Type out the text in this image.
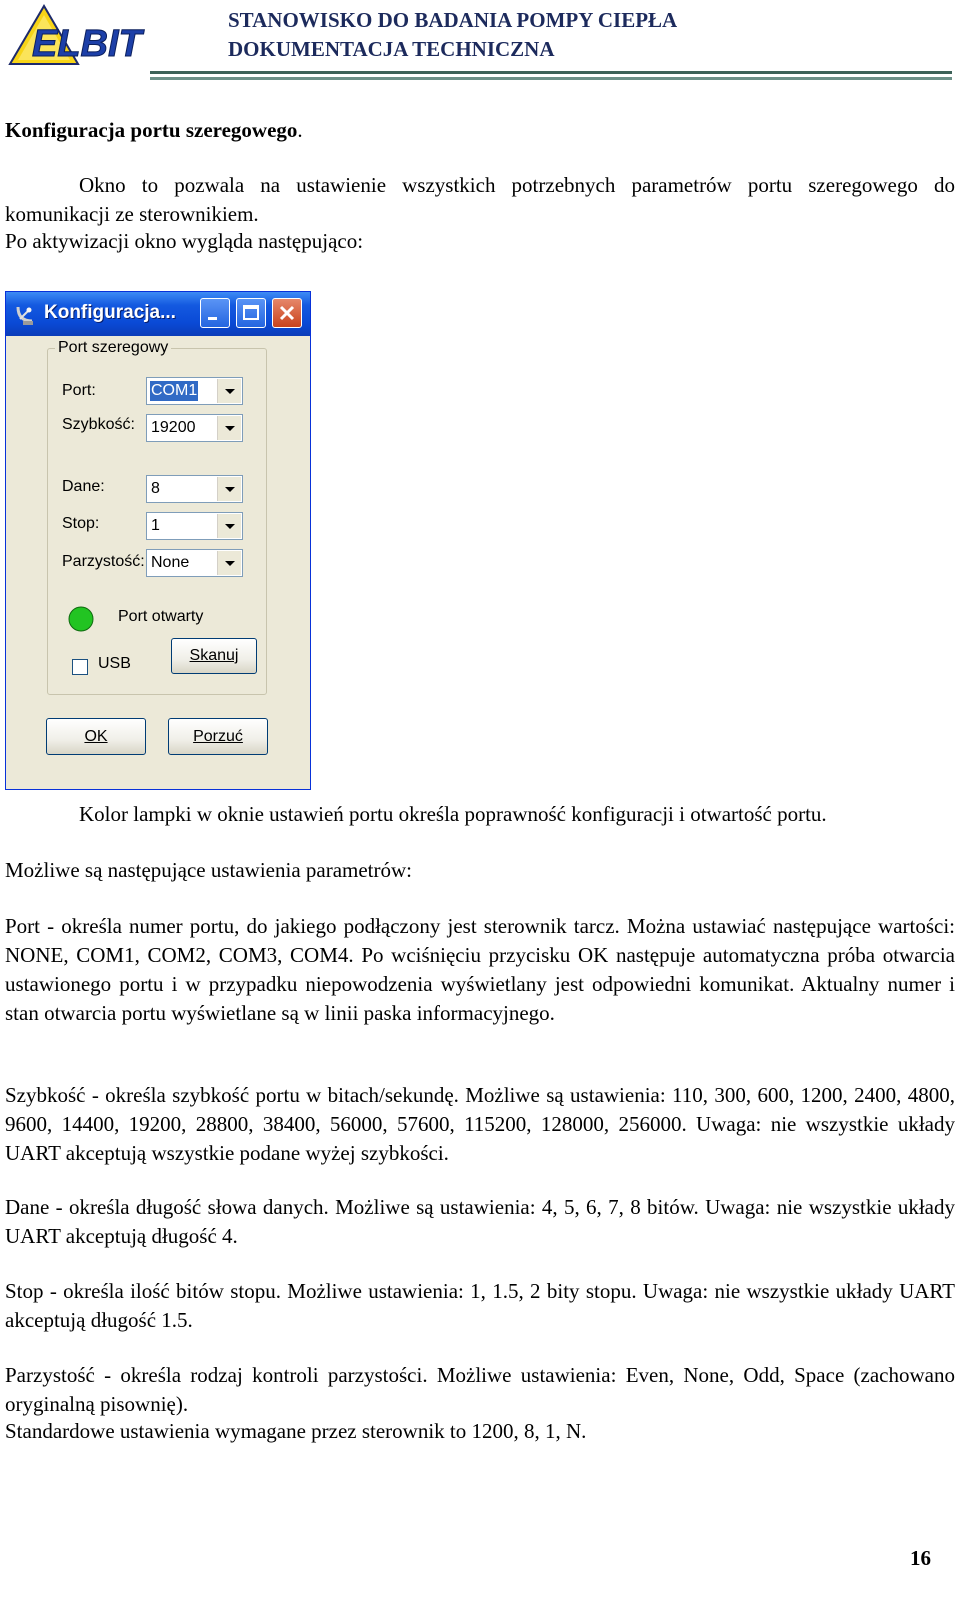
ELBIT
STANOWISKO DO BADANIA POMPY CIEPŁA
DOKUMENTACJA TECHNICZNA
Konfiguracja portu szeregowego.

Okno to pozwala na ustawienie wszystkich potrzebnych parametrów portu szeregowego do komunikacji ze sterownikiem.

Po aktywizacji okno wygląda następująco:

Konfiguracja...
Port szeregowy
Port:	COM1
Szybkość: 19200
Dane:	8
Stop:	1
Parzystość: None
Port otwarty
USB	Skanuj
OK	Porzuć

Kolor lampki w oknie ustawień portu określa poprawność konfiguracji i otwartość portu.

Możliwe są następujące ustawienia parametrów:

Port - określa numer portu, do jakiego podłączony jest sterownik tarcz. Można ustawiać następujące wartości: NONE, COM1, COM2, COM3, COM4. Po wciśnięciu przycisku OK następuje automatyczna próba otwarcia ustawionego portu i w przypadku niepowodzenia wyświetlany jest odpowiedni komunikat. Aktualny numer i stan otwarcia portu wyświetlane są w linii paska informacyjnego.

Szybkość - określa szybkość portu w bitach/sekundę. Możliwe są ustawienia: 110, 300, 600, 1200, 2400, 4800, 9600, 14400, 19200, 28800, 38400, 56000, 57600, 115200, 128000, 256000. Uwaga: nie wszystkie układy UART akceptują wszystkie podane wyżej szybkości.

Dane - określa długość słowa danych. Możliwe są ustawienia: 4, 5, 6, 7, 8 bitów. Uwaga: nie wszystkie układy UART akceptują długość 4.

Stop - określa ilość bitów stopu. Możliwe ustawienia: 1, 1.5, 2 bity stopu. Uwaga: nie wszystkie układy UART akceptują długość 1.5.

Parzystość - określa rodzaj kontroli parzystości. Możliwe ustawienia: Even, None, Odd, Space (zachowano oryginalną pisownię).

Standardowe ustawienia wymagane przez sterownik to 1200, 8, 1, N.

16
